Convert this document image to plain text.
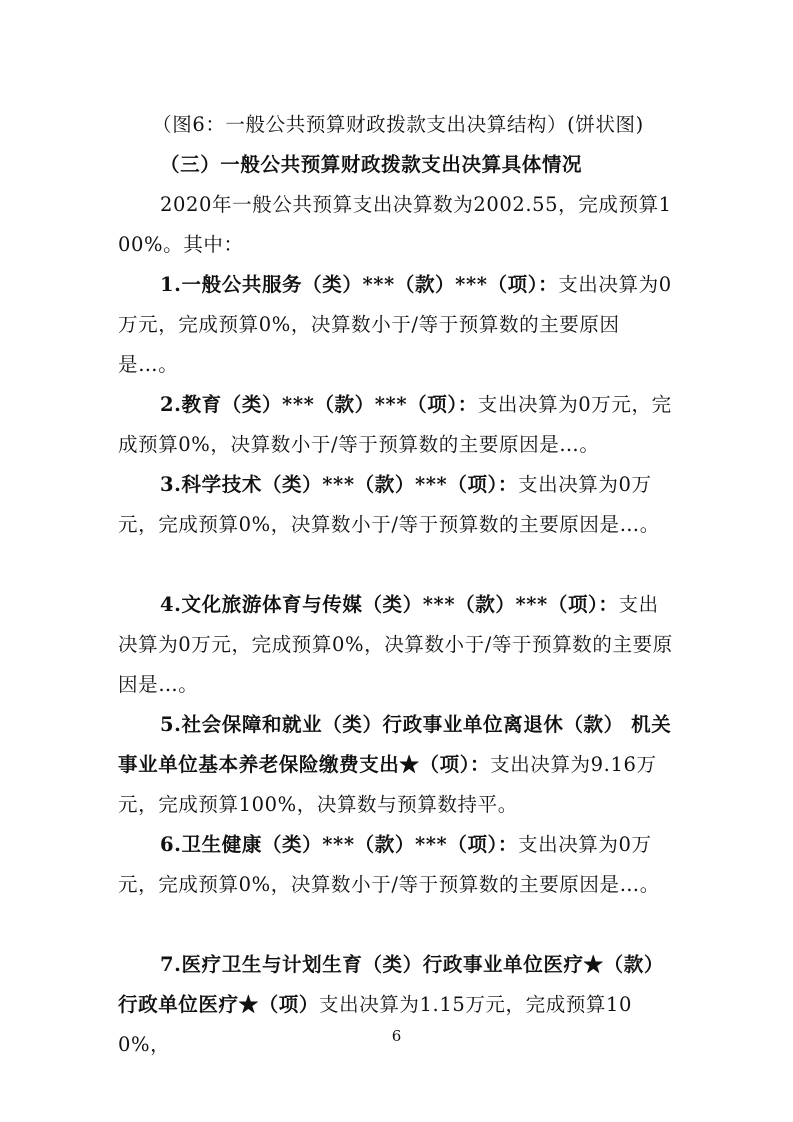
（图6：一般公共预算财政拨款支出决算结构）(饼状图)

（三）一般公共预算财政拨款支出决算具体情况

2020年一般公共预算支出决算数为2002.55，完成预算100%。其中：

1.一般公共服务（类）***（款）***（项）：支出决算为0万元，完成预算0%，决算数小于/等于预算数的主要原因是…。

2.教育（类）***（款）***（项）：支出决算为0万元，完成预算0%，决算数小于/等于预算数的主要原因是…。

3.科学技术（类）***（款）***（项）：支出决算为0万元，完成预算0%，决算数小于/等于预算数的主要原因是…。

4.文化旅游体育与传媒（类）***（款）***（项）：支出决算为0万元，完成预算0%，决算数小于/等于预算数的主要原因是…。

5.社会保障和就业（类）行政事业单位离退休（款） 机关事业单位基本养老保险缴费支出★（项）：支出决算为9.16万元，完成预算100%，决算数与预算数持平。

6.卫生健康（类）***（款）***（项）：支出决算为0万元，完成预算0%，决算数小于/等于预算数的主要原因是…。

7.医疗卫生与计划生育（类）行政事业单位医疗★（款）行政单位医疗★（项）支出决算为1.15万元，完成预算100%，	6
